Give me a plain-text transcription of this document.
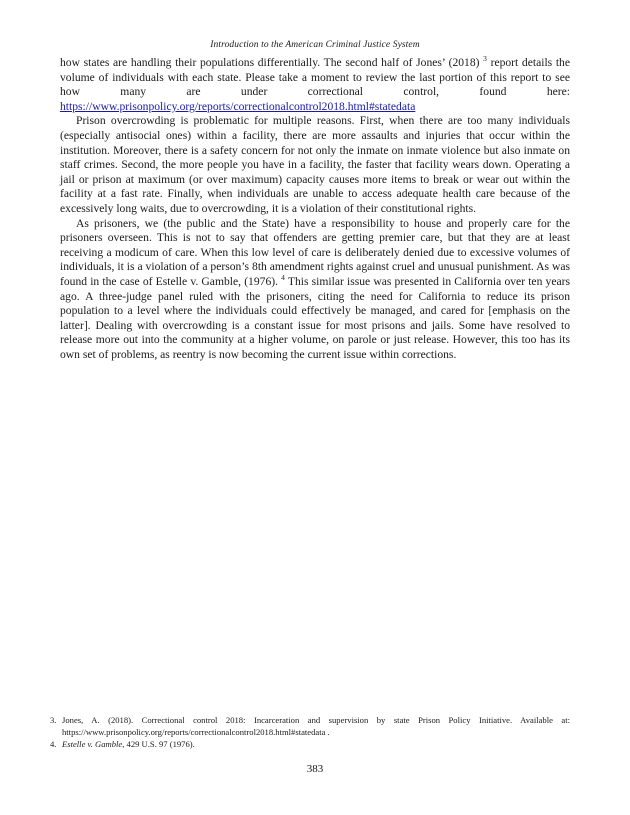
Introduction to the American Criminal Justice System

how states are handling their populations differentially. The second half of Jones’ (2018) $^3$ report details the volume of individuals with each state. Please take a moment to review the last portion of this report to see how many are under correctional control, found here: https://www.prisonpolicy.org/reports/correctionalcontrol2018.html#statedata

Prison overcrowding is problematic for multiple reasons. First, when there are too many individuals (especially antisocial ones) within a facility, there are more assaults and injuries that occur within the institution. Moreover, there is a safety concern for not only the inmate on inmate violence but also inmate on staff crimes. Second, the more people you have in a facility, the faster that facility wears down. Operating a jail or prison at maximum (or over maximum) capacity causes more items to break or wear out within the facility at a fast rate. Finally, when individuals are unable to access adequate health care because of the excessively long waits, due to overcrowding, it is a violation of their constitutional rights.

As prisoners, we (the public and the State) have a responsibility to house and properly care for the prisoners overseen. This is not to say that offenders are getting premier care, but that they are at least receiving a modicum of care. When this low level of care is deliberately denied due to excessive volumes of individuals, it is a violation of a person’s 8th amendment rights against cruel and unusual punishment. As was found in the case of Estelle v. Gamble, (1976). $^4$ This similar issue was presented in California over ten years ago. A three-judge panel ruled with the prisoners, citing the need for California to reduce its prison population to a level where the individuals could effectively be managed, and cared for [emphasis on the latter]. Dealing with overcrowding is a constant issue for most prisons and jails. Some have resolved to release more out into the community at a higher volume, on parole or just release. However, this too has its own set of problems, as reentry is now becoming the current issue within corrections.

3. Jones, A. (2018). Correctional control 2018: Incarceration and supervision by state Prison Policy Initiative. Available at: https://www.prisonpolicy.org/reports/correctionalcontrol2018.html#statedata .
4. Estelle v. Gamble, 429 U.S. 97 (1976).
383
